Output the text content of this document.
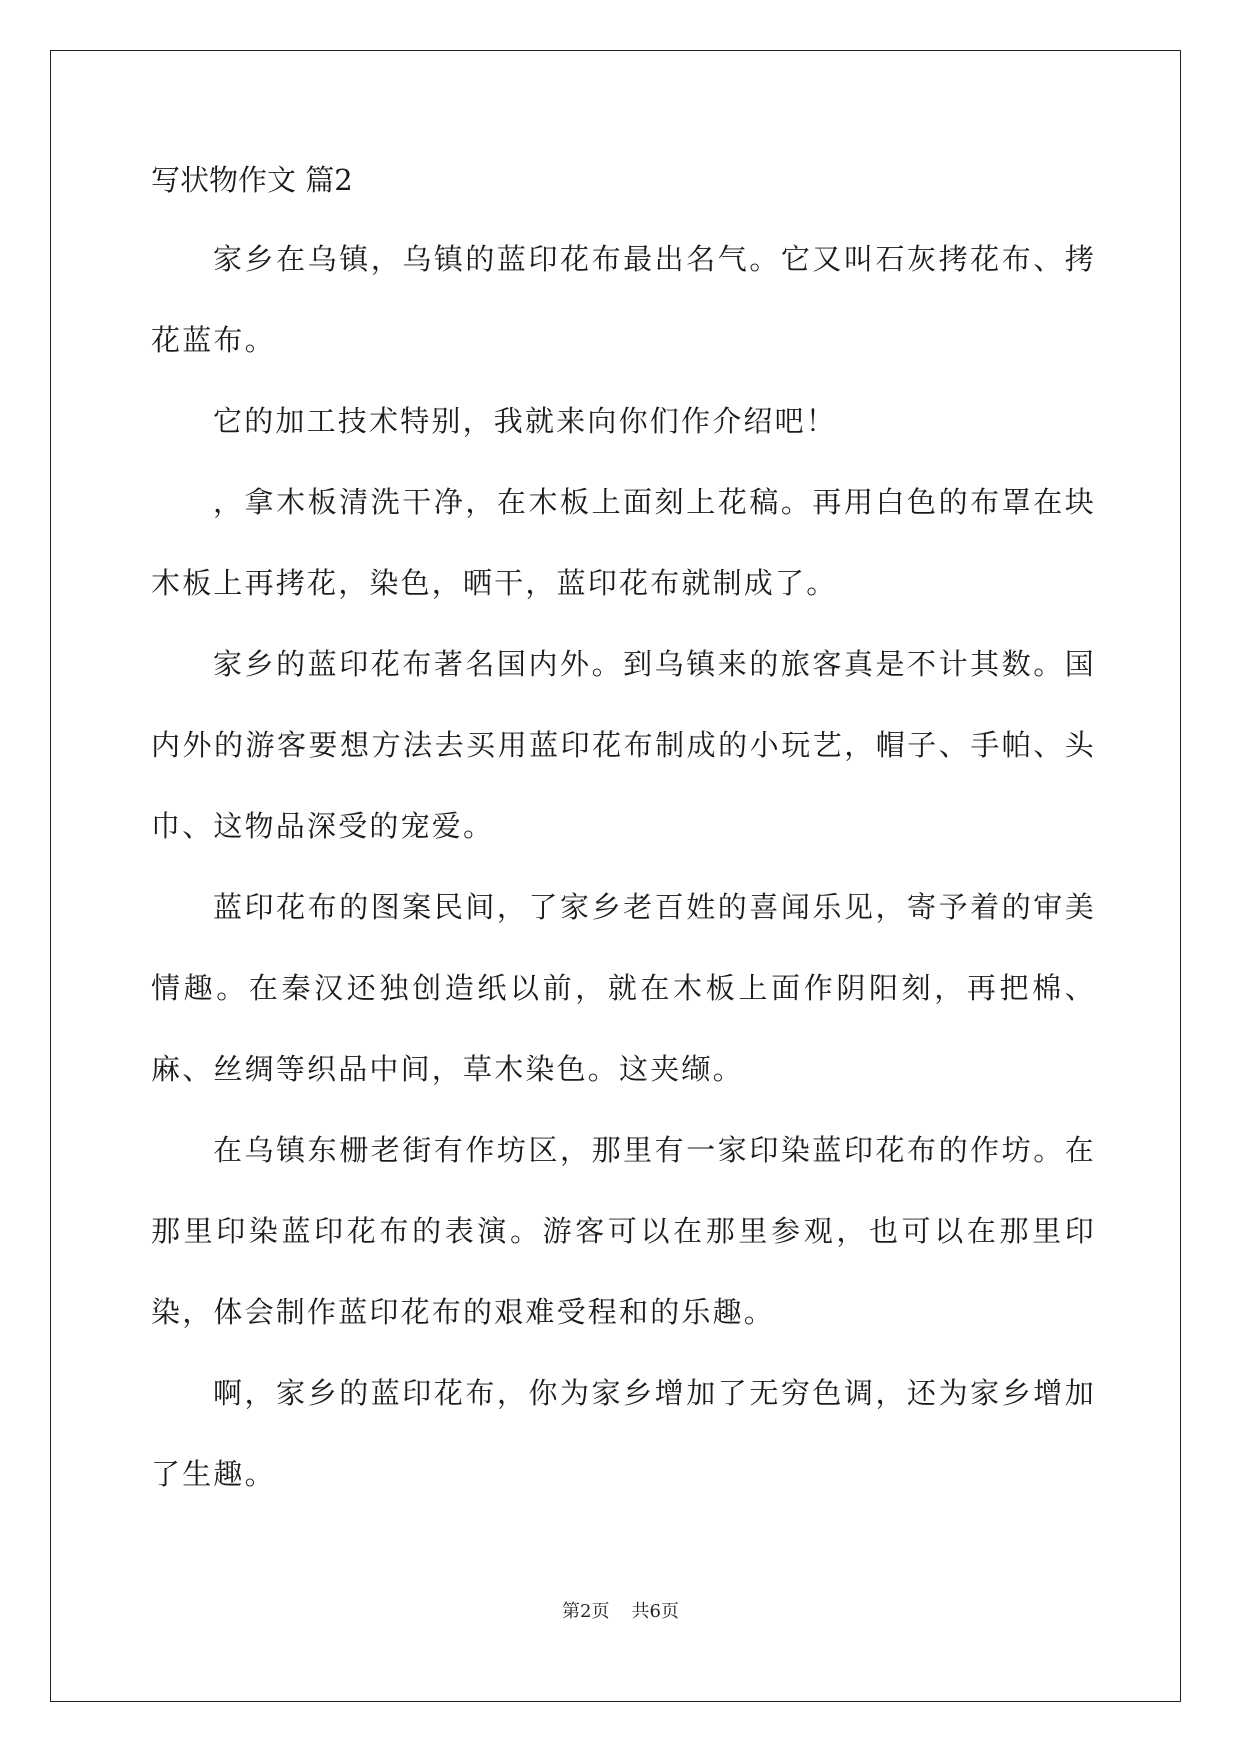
写状物作文 篇2

家乡在乌镇，乌镇的蓝印花布最出名气。它又叫石灰拷花布、拷花蓝布。

它的加工技术特别，我就来向你们作介绍吧！

，拿木板清洗干净，在木板上面刻上花稿。再用白色的布罩在块木板上再拷花，染色，晒干，蓝印花布就制成了。

家乡的蓝印花布著名国内外。到乌镇来的旅客真是不计其数。国内外的游客要想方法去买用蓝印花布制成的小玩艺，帽子、手帕、头巾、这物品深受的宠爱。

蓝印花布的图案民间，了家乡老百姓的喜闻乐见，寄予着的审美情趣。在秦汉还独创造纸以前，就在木板上面作阴阳刻，再把棉、麻、丝绸等织品中间，草木染色。这夹缬。

在乌镇东栅老街有作坊区，那里有一家印染蓝印花布的作坊。在那里印染蓝印花布的表演。游客可以在那里参观，也可以在那里印染，体会制作蓝印花布的艰难受程和的乐趣。

啊，家乡的蓝印花布，你为家乡增加了无穷色调，还为家乡增加了生趣。

第2页 共6页
